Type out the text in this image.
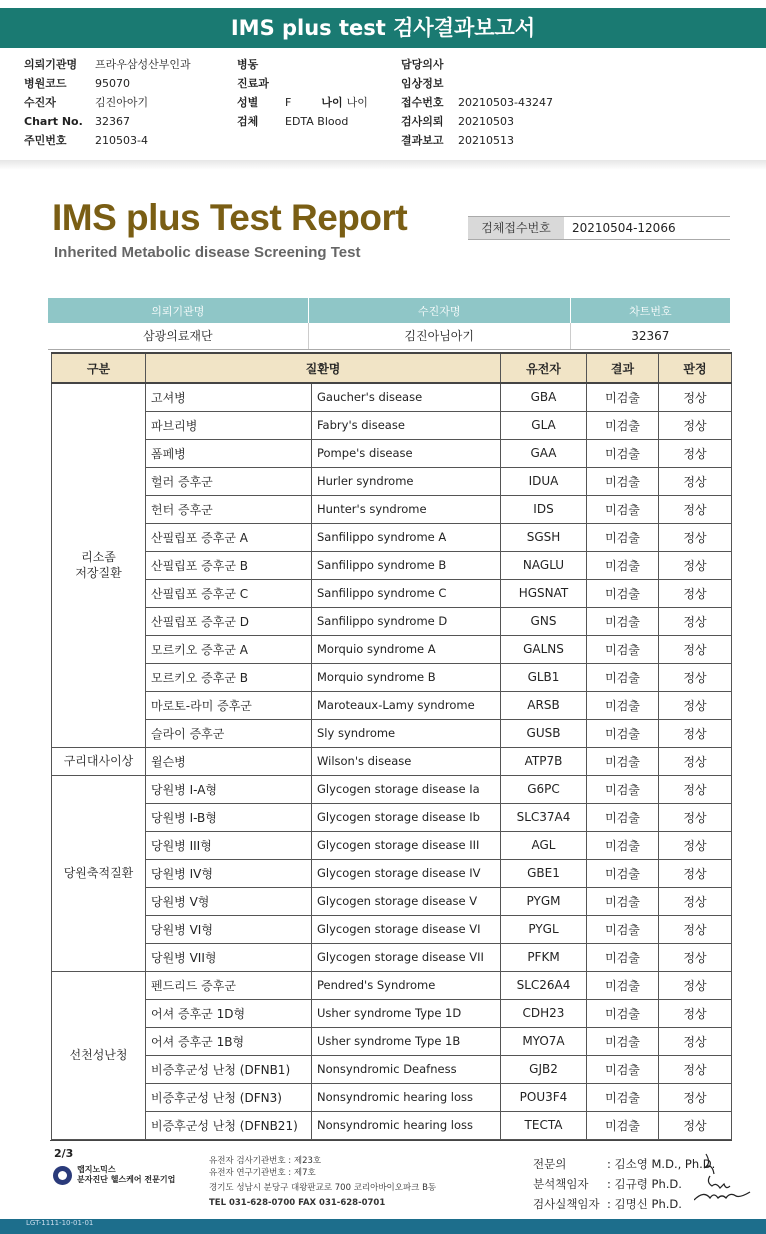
IMS plus test 검사결과보고서
의뢰기관명 프라우삼성산부인과
병원코드	95070
수진자	김진아아기
Chart No. 32367
주민번호	210503-4
병동
진료과
성별 F	나이 나이
검체 EDTA Blood
담당의사
임상정보
접수번호 20210503-43247
검사의뢰 20210503
결과보고 20210513
IMS plus Test Report
Inherited Metabolic disease Screening Test
검체접수번호	20210504-12066
의뢰기관명	수진자명	차트번호
삼광의료재단	김진아님아기	32367
구분	질환명		유전자	결과	판정
리소좀
저장질환	고셔병	Gaucher's disease	GBA	미검출	정상
	파브리병	Fabry's disease	GLA	미검출	정상
	폼페병	Pompe's disease	GAA	미검출	정상
	헐러 증후군	Hurler syndrome	IDUA	미검출	정상
	헌터 증후군	Hunter's syndrome	IDS	미검출	정상
	산필립포 증후군 A	Sanfilippo syndrome A	SGSH	미검출	정상
	산필립포 증후군 B	Sanfilippo syndrome B	NAGLU	미검출	정상
	산필립포 증후군 C	Sanfilippo syndrome C	HGSNAT	미검출	정상
	산필립포 증후군 D	Sanfilippo syndrome D	GNS	미검출	정상
	모르키오 증후군 A	Morquio syndrome A	GALNS	미검출	정상
	모르키오 증후군 B	Morquio syndrome B	GLB1	미검출	정상
	마로토-라미 증후군	Maroteaux-Lamy syndrome	ARSB	미검출	정상
	슬라이 증후군	Sly syndrome	GUSB	미검출	정상
구리대사이상	윌슨병	Wilson's disease	ATP7B	미검출	정상
당원축적질환	당원병 I-A형	Glycogen storage disease Ia	G6PC	미검출	정상
	당원병 I-B형	Glycogen storage disease Ib	SLC37A4	미검출	정상
	당원병 III형	Glycogen storage disease III	AGL	미검출	정상
	당원병 IV형	Glycogen storage disease IV	GBE1	미검출	정상
	당원병 V형	Glycogen storage disease V	PYGM	미검출	정상
	당원병 VI형	Glycogen storage disease VI	PYGL	미검출	정상
	당원병 VII형	Glycogen storage disease VII	PFKM	미검출	정상
선천성난청	펜드리드 증후군	Pendred's Syndrome	SLC26A4	미검출	정상
	어셔 증후군 1D형	Usher syndrome Type 1D	CDH23	미검출	정상
	어셔 증후군 1B형	Usher syndrome Type 1B	MYO7A	미검출	정상
	비증후군성 난청 (DFNB1)	Nonsyndromic Deafness	GJB2	미검출	정상
	비증후군성 난청 (DFN3)	Nonsyndromic hearing loss	POU3F4	미검출	정상
	비증후군성 난청 (DFNB21)	Nonsyndromic hearing loss	TECTA	미검출	정상
2/3
랩지노믹스
분자진단 헬스케어 전문기업
유전자 검사기관번호 : 제23호
유전자 연구기관번호 : 제7호
경기도 성남시 분당구 대왕판교로 700 코리아바이오파크 B동
TEL 031-628-0700 FAX 031-628-0701
전문의	: 김소영 M.D., Ph.D.
분석책임자 : 김규령 Ph.D.
검사실책임자 : 김명신 Ph.D.
LGT-1111-10-01-01
